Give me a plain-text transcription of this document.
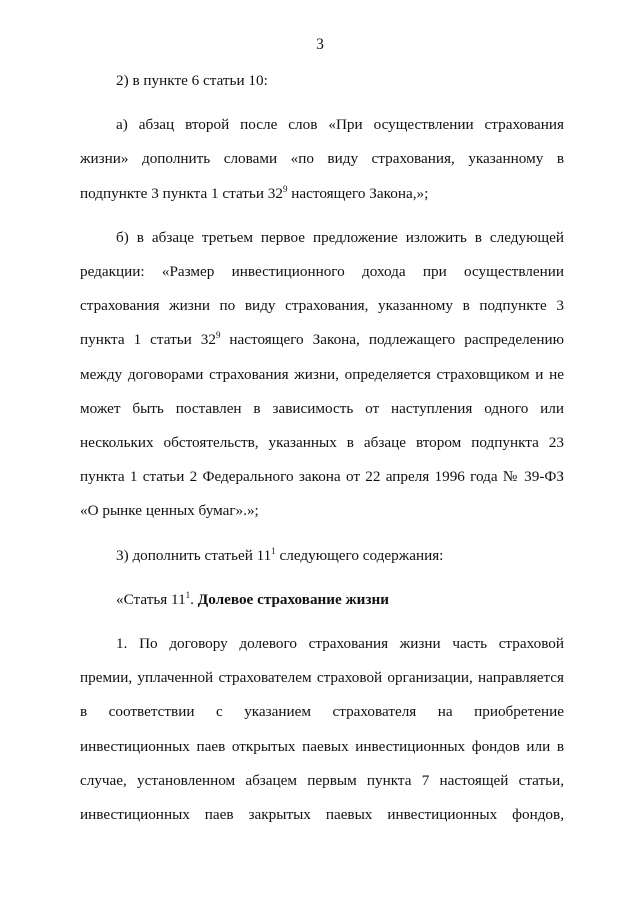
3

2) в пункте 6 статьи 10:

а) абзац второй после слов «При осуществлении страхования жизни» дополнить словами «по виду страхования, указанному в подпункте 3 пункта 1 статьи $32^9$ настоящего Закона,»;

б) в абзаце третьем первое предложение изложить в следующей редакции: «Размер инвестиционного дохода при осуществлении страхования жизни по виду страхования, указанному в подпункте 3 пункта 1 статьи $32^9$ настоящего Закона, подлежащего распределению между договорами страхования жизни, определяется страховщиком и не может быть поставлен в зависимость от наступления одного или нескольких обстоятельств, указанных в абзаце втором подпункта 23 пункта 1 статьи 2 Федерального закона от 22 апреля 1996 года № 39-ФЗ «О рынке ценных бумаг».»;

3) дополнить статьей $11^1$ следующего содержания:

«Статья $11^1$. Долевое страхование жизни

1. По договору долевого страхования жизни часть страховой премии, уплаченной страхователем страховой организации, направляется в соответствии с указанием страхователя на приобретение инвестиционных паев открытых паевых инвестиционных фондов или в случае, установленном абзацем первым пункта 7 настоящей статьи, инвестиционных паев закрытых паевых инвестиционных фондов,
